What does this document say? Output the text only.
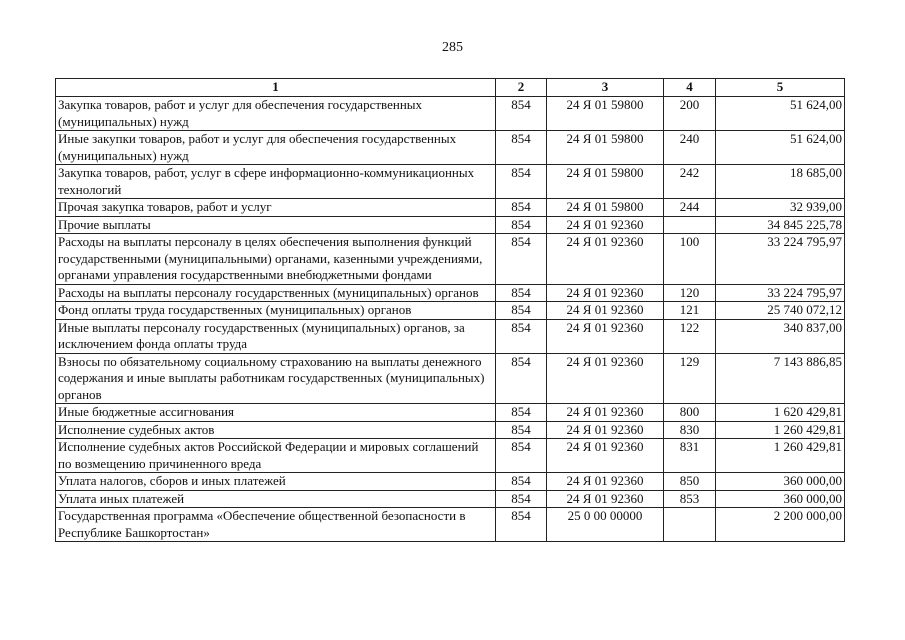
285
1	2	3	4	5
Закупка товаров, работ и услуг для обеспечения государственных (муниципальных) нужд	854	24 Я 01 59800	200	51 624,00
Иные закупки товаров, работ и услуг для обеспечения государственных (муниципальных) нужд	854	24 Я 01 59800	240	51 624,00
Закупка товаров, работ, услуг в сфере информационно-коммуникационных технологий	854	24 Я 01 59800	242	18 685,00
Прочая закупка товаров, работ и услуг	854	24 Я 01 59800	244	32 939,00
Прочие выплаты	854	24 Я 01 92360		34 845 225,78
Расходы на выплаты персоналу в целях обеспечения выполнения функций государственными (муниципальными) органами, казенными учреждениями, органами управления государственными внебюджетными фондами	854	24 Я 01 92360	100	33 224 795,97
Расходы на выплаты персоналу государственных (муниципальных) органов	854	24 Я 01 92360	120	33 224 795,97
Фонд оплаты труда государственных (муниципальных) органов	854	24 Я 01 92360	121	25 740 072,12
Иные выплаты персоналу государственных (муниципальных) органов, за исключением фонда оплаты труда	854	24 Я 01 92360	122	340 837,00
Взносы по обязательному социальному страхованию на выплаты денежного содержания и иные выплаты работникам государственных (муниципальных) органов	854	24 Я 01 92360	129	7 143 886,85
Иные бюджетные ассигнования	854	24 Я 01 92360	800	1 620 429,81
Исполнение судебных актов	854	24 Я 01 92360	830	1 260 429,81
Исполнение судебных актов Российской Федерации и мировых соглашений по возмещению причиненного вреда	854	24 Я 01 92360	831	1 260 429,81
Уплата налогов, сборов и иных платежей	854	24 Я 01 92360	850	360 000,00
Уплата иных платежей	854	24 Я 01 92360	853	360 000,00
Государственная программа «Обеспечение общественной безопасности в Республике Башкортостан»	854	25 0 00 00000		2 200 000,00
